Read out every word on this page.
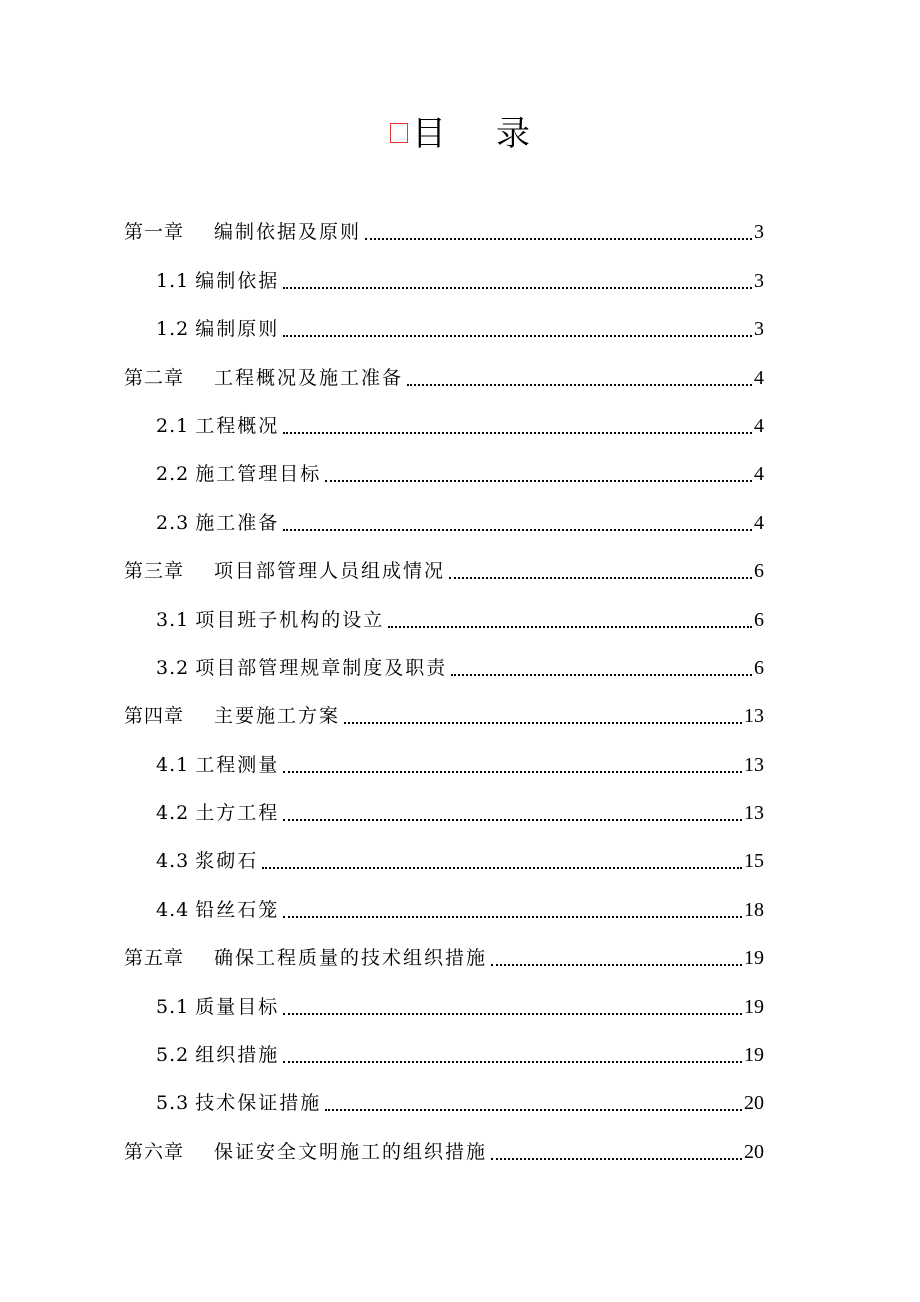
目 录
第一章 编制依据及原则	3
1.1 编制依据	3
1.2 编制原则	3
第二章 工程概况及施工准备	4
2.1 工程概况	4
2.2 施工管理目标	4
2.3 施工准备	4
第三章 项目部管理人员组成情况	6
3.1 项目班子机构的设立	6
3.2 项目部管理规章制度及职责	6
第四章 主要施工方案	13
4.1 工程测量	13
4.2 土方工程	13
4.3 浆砌石	15
4.4 铅丝石笼	18
第五章 确保工程质量的技术组织措施	19
5.1 质量目标	19
5.2 组织措施	19
5.3 技术保证措施	20
第六章 保证安全文明施工的组织措施	20
